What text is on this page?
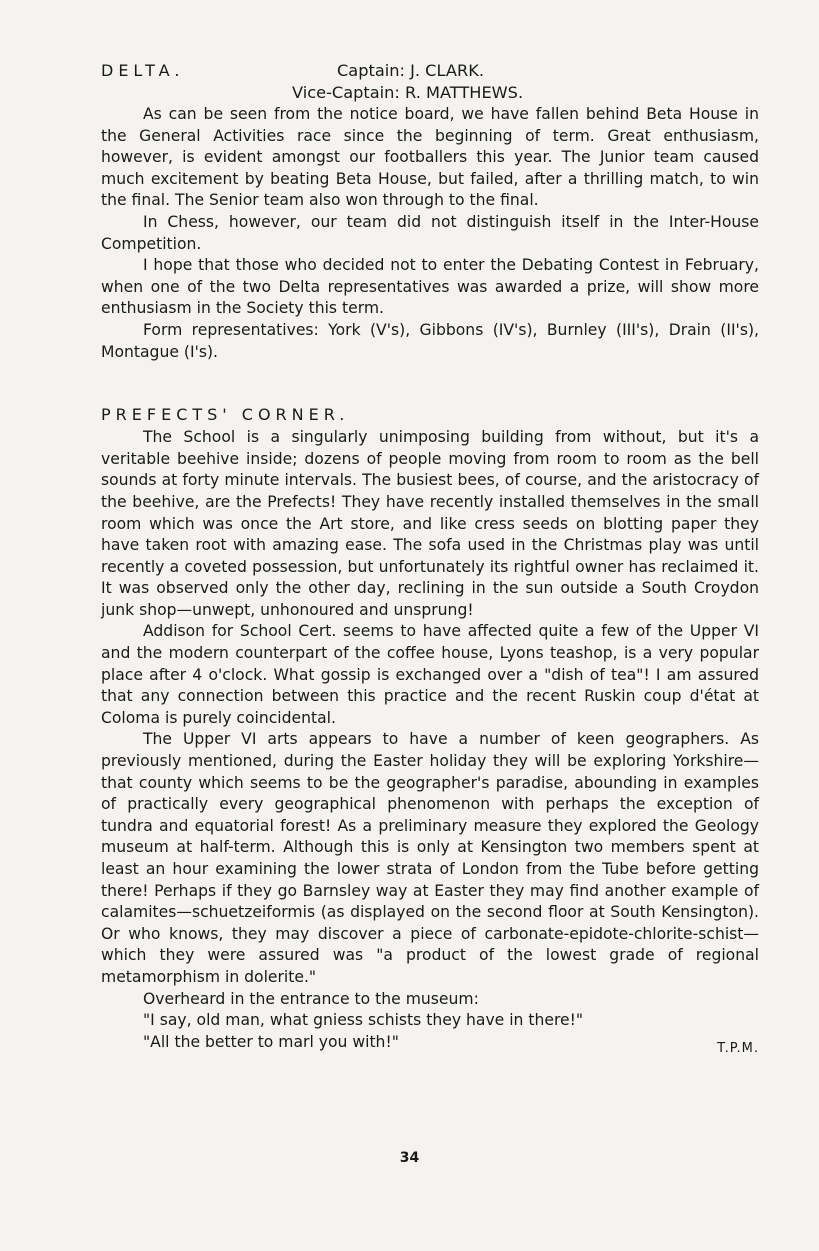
DELTA.	Captain: J. CLARK.
Vice-Captain: R. MATTHEWS.

As can be seen from the notice board, we have fallen behind Beta House in the General Activities race since the beginning of term. Great enthusiasm, however, is evident amongst our footballers this year. The Junior team caused much excitement by beating Beta House, but failed, after a thrilling match, to win the final. The Senior team also won through to the final.

In Chess, however, our team did not distinguish itself in the Inter-House Competition.

I hope that those who decided not to enter the Debating Contest in February, when one of the two Delta representatives was awarded a prize, will show more enthusiasm in the Society this term.

Form representatives: York (V's), Gibbons (IV's), Burnley (III's), Drain (II's), Montague (I's).

PREFECTS' CORNER.

The School is a singularly unimposing building from without, but it's a veritable beehive inside; dozens of people moving from room to room as the bell sounds at forty minute intervals. The busiest bees, of course, and the aristocracy of the beehive, are the Prefects! They have recently installed themselves in the small room which was once the Art store, and like cress seeds on blotting paper they have taken root with amazing ease. The sofa used in the Christmas play was until recently a coveted possession, but unfortunately its rightful owner has reclaimed it. It was observed only the other day, reclining in the sun outside a South Croydon junk shop—unwept, unhonoured and unsprung!

Addison for School Cert. seems to have affected quite a few of the Upper VI and the modern counterpart of the coffee house, Lyons teashop, is a very popular place after 4 o'clock. What gossip is exchanged over a "dish of tea"! I am assured that any connection between this practice and the recent Ruskin coup d'état at Coloma is purely coincidental.

The Upper VI arts appears to have a number of keen geographers. As previously mentioned, during the Easter holiday they will be exploring Yorkshire—that county which seems to be the geographer's paradise, abounding in examples of practically every geographical phenomenon with perhaps the exception of tundra and equatorial forest! As a preliminary measure they explored the Geology museum at half-term. Although this is only at Kensington two members spent at least an hour examining the lower strata of London from the Tube before getting there! Perhaps if they go Barnsley way at Easter they may find another example of calamites—schuetzeiformis (as displayed on the second floor at South Kensington). Or who knows, they may discover a piece of carbonate-epidote-chlorite-schist—which they were assured was "a product of the lowest grade of regional metamorphism in dolerite."

Overheard in the entrance to the museum:

"I say, old man, what gniess schists they have in there!"

"All the better to marl you with!"	T.P.M.
34
